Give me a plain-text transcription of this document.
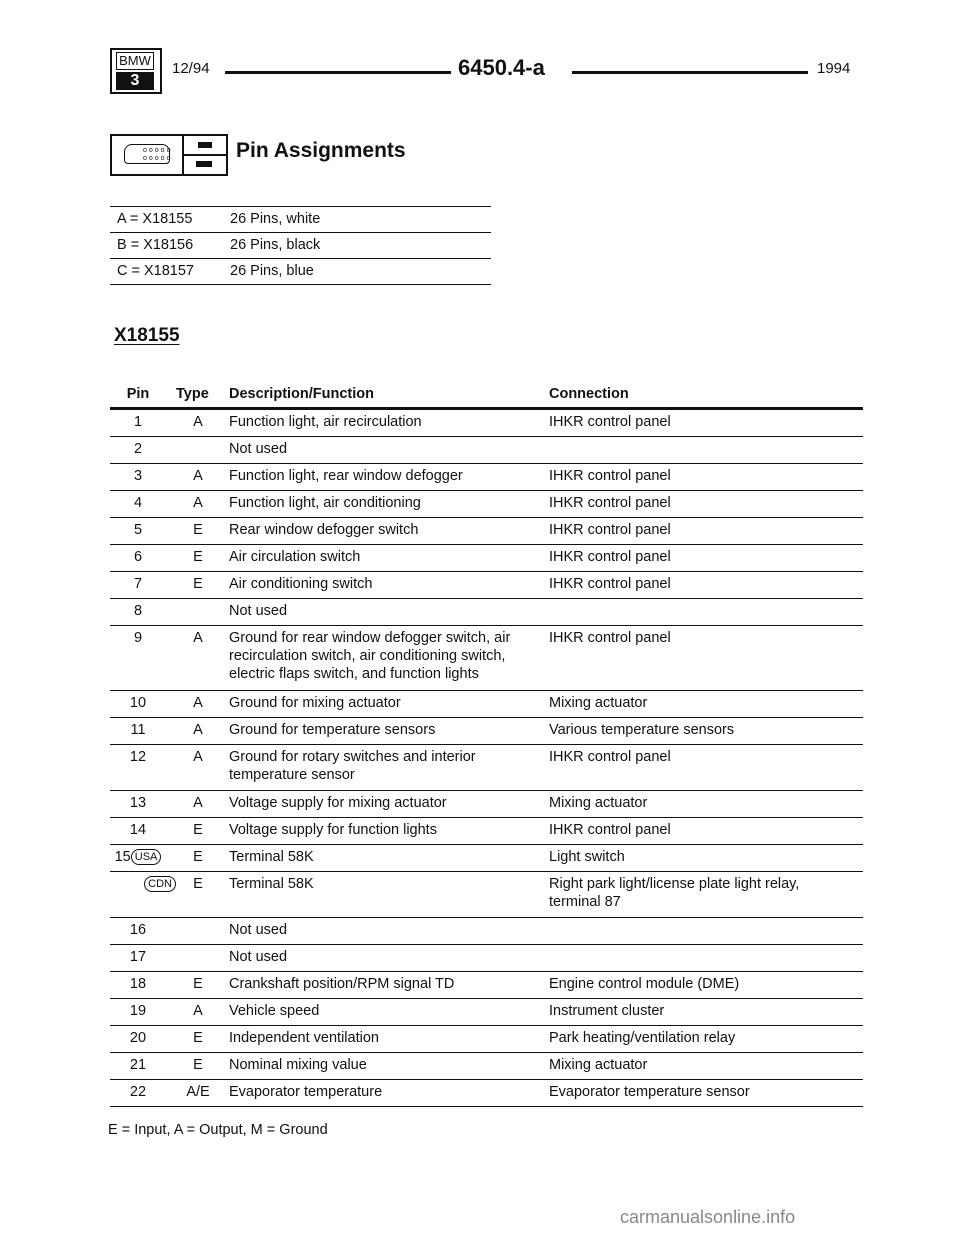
BMW
3
12/94	6450.4-a	1994
ooooo
ooooo	Pin Assignments
A = X18155	26 Pins, white
B = X18156	26 Pins, black
C = X18157 26 Pins, blue
X18155
Pin	Type Description/Function	Connection
1	A	Function light, air recirculation	IHKR control panel
2	Not used
3	A	Function light, rear window defogger	IHKR control panel
4	A	Function light, air conditioning	IHKR control panel
5	E	Rear window defogger switch	IHKR control panel
6	E	Air circulation switch	IHKR control panel
7	E	Air conditioning switch	IHKR control panel
8	Not used
9	A	Ground for rear window defogger switch, air recirculation switch, air conditioning switch, electric flaps switch, and function lights
IHKR control panel
10	A	Ground for mixing actuator	Mixing actuator
11	A	Ground for temperature sensors	Various temperature sensors
12	A	Ground for rotary switches and interior temperature sensor
IHKR control panel
13	A	Voltage supply for mixing actuator	Mixing actuator
14	E	Voltage supply for function lights	IHKR control panel
15 USA	E	Terminal 58K	Light switch
CDN	E	Terminal 58K	Right park light/license plate light relay, terminal 87
16	Not used
17	Not used
18	E	Crankshaft position/RPM signal TD	Engine control module (DME)
19	A	Vehicle speed	Instrument cluster
20	E	Independent ventilation	Park heating/ventilation relay
21	E	Nominal mixing value	Mixing actuator
22	A/E	Evaporator temperature	Evaporator temperature sensor
E = Input, A = Output, M = Ground
carmanualsonline.info
